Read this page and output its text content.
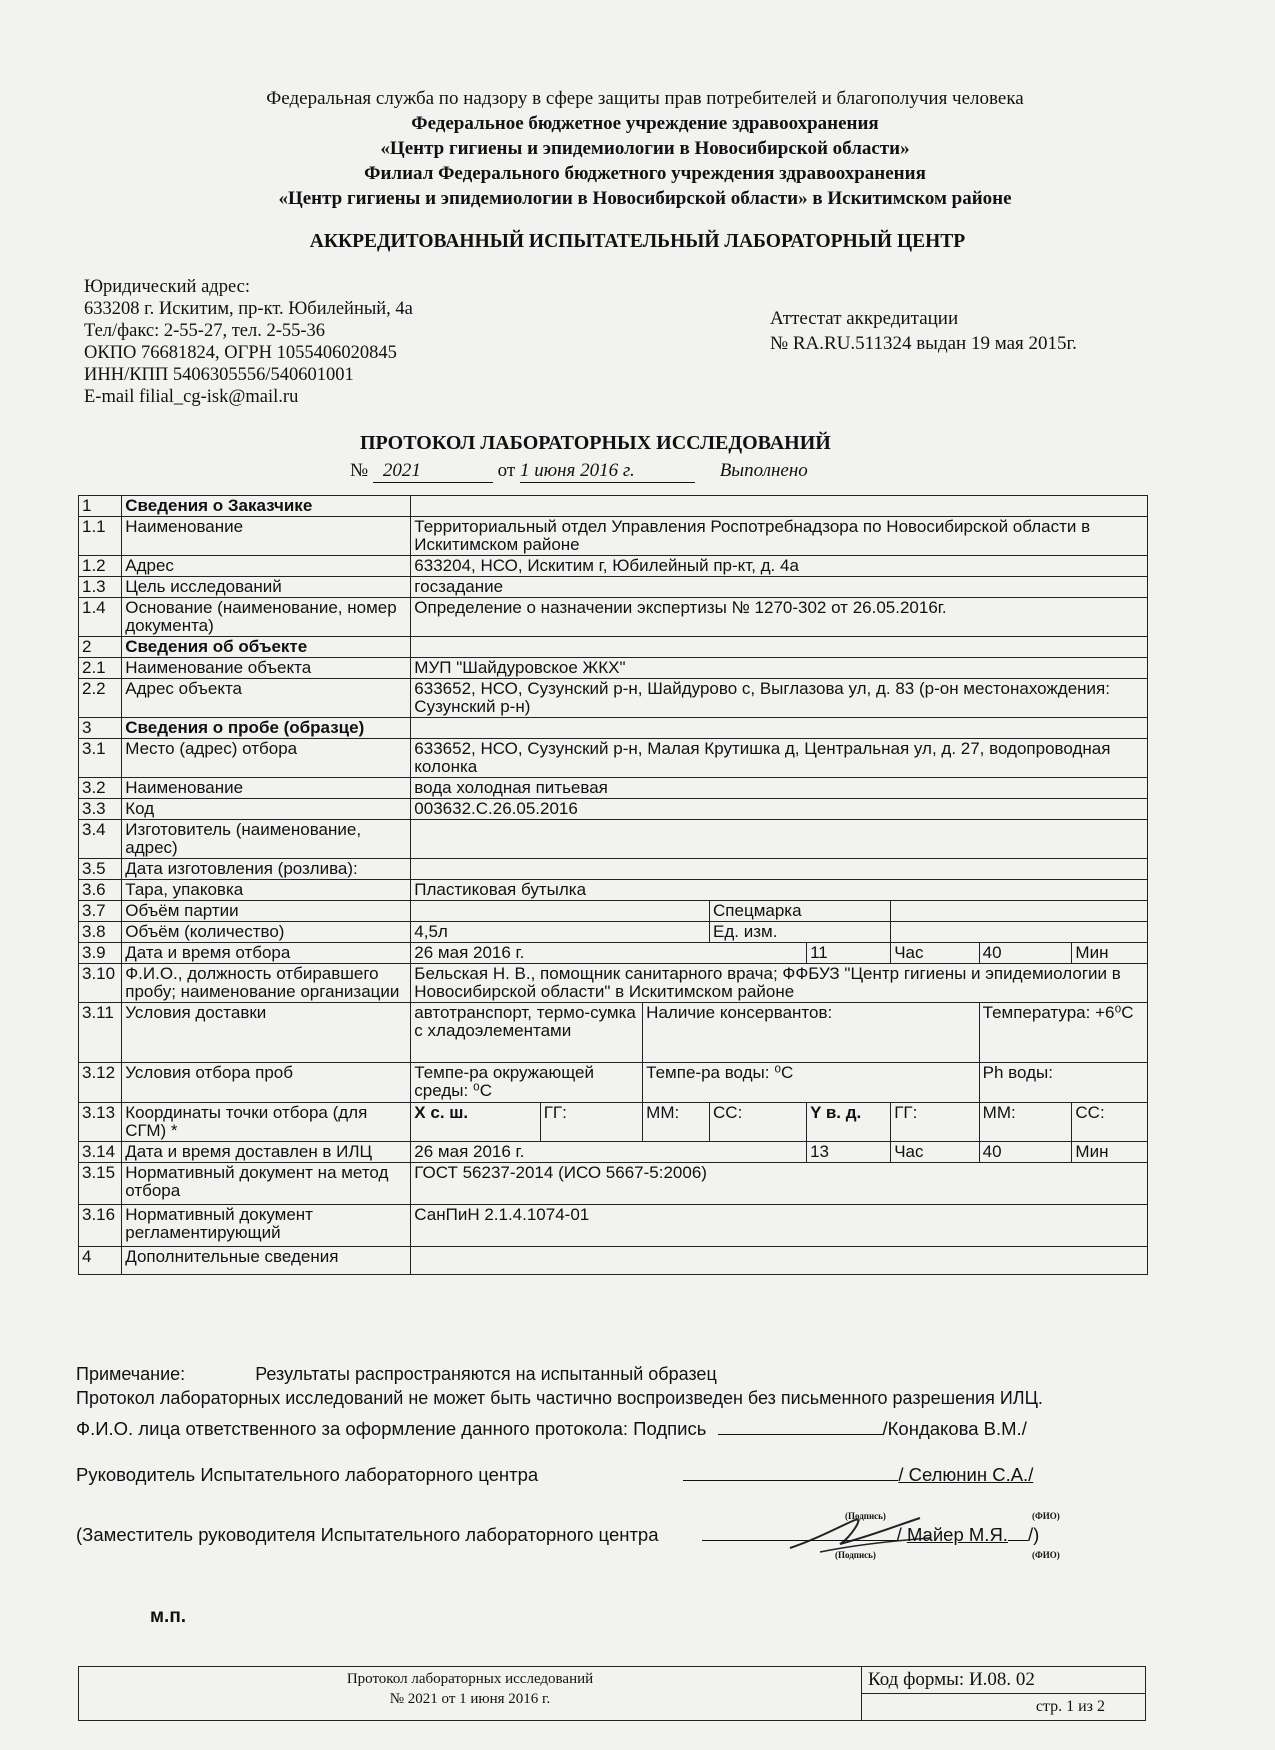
Федеральная служба по надзору в сфере защиты прав потребителей и благополучия человека
Федеральное бюджетное учреждение здравоохранения
«Центр гигиены и эпидемиологии в Новосибирской области»
Филиал Федерального бюджетного учреждения здравоохранения
«Центр гигиены и эпидемиологии в Новосибирской области» в Искитимском районе
АККРЕДИТОВАННЫЙ ИСПЫТАТЕЛЬНЫЙ ЛАБОРАТОРНЫЙ ЦЕНТР
Юридический адрес:
633208 г. Искитим, пр-кт. Юбилейный, 4а
Тел/факс: 2-55-27, тел. 2-55-36
ОКПО 76681824, ОГРН 1055406020845
ИНН/КПП 5406305556/540601001
E-mail filial_cg-isk@mail.ru
Аттестат аккредитации
№ RA.RU.511324 выдан 19 мая 2015г.
ПРОТОКОЛ ЛАБОРАТОРНЫХ ИССЛЕДОВАНИЙ
№ 2021	от 1 июня 2016 г.	Выполнено
1	Сведения о Заказчике								
1.1	Наименование	Территориальный отдел Управления Роспотребнадзора по Новосибирской области в Искитимском районе							
1.2	Адрес	633204, НСО, Искитим г, Юбилейный пр-кт, д. 4а							
1.3	Цель исследований	госзадание							
1.4	Основание (наименование, номер документа)	Определение о назначении экспертизы № 1270-302 от 26.05.2016г.							
2	Сведения об объекте								
2.1	Наименование объекта	МУП "Шайдуровское ЖКХ"							
2.2	Адрес объекта	633652, НСО, Сузунский р-н, Шайдурово с, Выглазова ул, д. 83 (р-он местонахождения: Сузунский р-н)							
3	Сведения о пробе (образце)								
3.1	Место (адрес) отбора	633652, НСО, Сузунский р-н, Малая Крутишка д, Центральная ул, д. 27, водопроводная колонка							
3.2	Наименование	вода холодная питьевая							
3.3	Код	003632.С.26.05.2016							
3.4	Изготовитель (наименование, адрес)								
3.5	Дата изготовления (розлива):								
3.6	Тара, упаковка	Пластиковая бутылка							
3.7	Объём партии				Спецмарка				
3.8	Объём (количество)	4,5л			Ед. изм.				
3.9	Дата и время отбора	26 мая 2016 г.				11	Час	40	Мин
3.10	Ф.И.О., должность отбиравшего пробу; наименование организации	Бельская Н. В., помощник санитарного врача; ФФБУЗ "Центр гигиены и эпидемиологии в Новосибирской области" в Искитимском районе							
3.11	Условия доставки	автотранспорт, термо-сумка с хладоэлементами		Наличие консервантов:				Температура: +6⁰С	
3.12	Условия отбора проб	Темпе-ра окружающей среды: ⁰С		Темпе-ра воды: ⁰С				Ph воды:	
3.13	Координаты точки отбора (для СГМ) *	X с. ш.	ГГ:	ММ:	СС:	Y в. д.	ГГ:	ММ:	СС:
3.14	Дата и время доставлен в ИЛЦ	26 мая 2016 г.				13	Час	40	Мин
3.15	Нормативный документ на метод отбора	ГОСТ 56237-2014 (ИСО 5667-5:2006)							
3.16	Нормативный документ регламентирующий	СанПиН 2.1.4.1074-01							
4	Дополнительные сведения								
Примечание:	Результаты распространяются на испытанный образец
Протокол лабораторных исследований не может быть частично воспроизведен без письменного разрешения ИЛЦ.
Ф.И.О. лица ответственного за оформление данного протокола: Подпись	/Кондакова В.М./
Руководитель Испытательного лабораторного центра	/ Селюнин С.А./
(Подпись)	(ФИО)
(Заместитель руководителя Испытательного лабораторного центра	/ Майер М.Я. /)
(Подпись)	(ФИО)
м.п.
Протокол лабораторных исследований
№ 2021 от 1 июня 2016 г.

Код формы: И.08. 02
стр. 1 из 2
